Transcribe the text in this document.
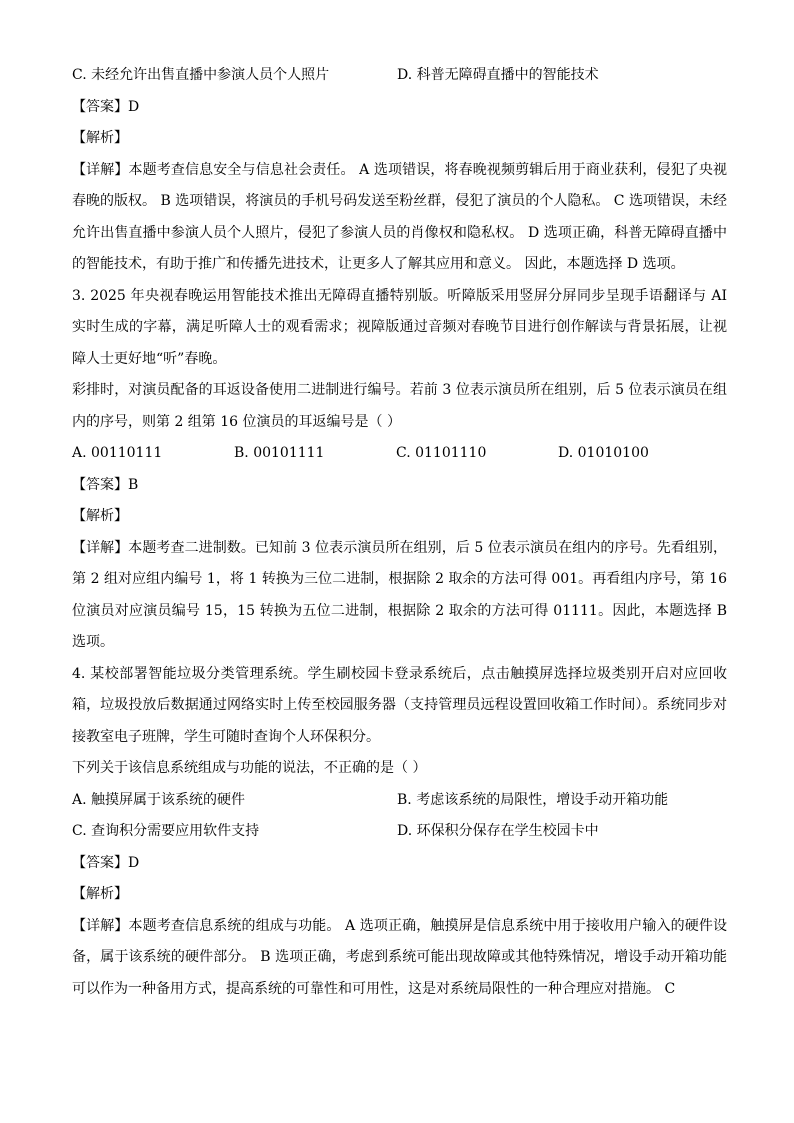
C. 未经允许出售直播中参演人员个人照片	D. 科普无障碍直播中的智能技术
【答案】D
【解析】
【详解】本题考查信息安全与信息社会责任。 A 选项错误，将春晚视频剪辑后用于商业获利，侵犯了央视春晚的版权。 B 选项错误，将演员的手机号码发送至粉丝群，侵犯了演员的个人隐私。 C 选项错误，未经允许出售直播中参演人员个人照片，侵犯了参演人员的肖像权和隐私权。 D 选项正确，科普无障碍直播中的智能技术，有助于推广和传播先进技术，让更多人了解其应用和意义。 因此，本题选择 D 选项。
3. 2025 年央视春晚运用智能技术推出无障碍直播特别版。听障版采用竖屏分屏同步呈现手语翻译与 AI 实时生成的字幕，满足听障人士的观看需求；视障版通过音频对春晚节目进行创作解读与背景拓展，让视障人士更好地“听”春晚。
彩排时，对演员配备的耳返设备使用二进制进行编号。若前 3 位表示演员所在组别，后 5 位表示演员在组内的序号，则第 2 组第 16 位演员的耳返编号是（ ）
A. 00110111	B. 00101111	C. 01101110	D. 01010100
【答案】B
【解析】
【详解】本题考查二进制数。已知前 3 位表示演员所在组别，后 5 位表示演员在组内的序号。先看组别，第 2 组对应组内编号 1，将 1 转换为三位二进制，根据除 2 取余的方法可得 001。再看组内序号，第 16 位演员对应演员编号 15，15 转换为五位二进制，根据除 2 取余的方法可得 01111。因此，本题选择 B 选项。
4. 某校部署智能垃圾分类管理系统。学生刷校园卡登录系统后，点击触摸屏选择垃圾类别开启对应回收箱，垃圾投放后数据通过网络实时上传至校园服务器（支持管理员远程设置回收箱工作时间）。系统同步对接教室电子班牌，学生可随时查询个人环保积分。
下列关于该信息系统组成与功能的说法，不正确的是（ ）
A. 触摸屏属于该系统的硬件	B. 考虑该系统的局限性，增设手动开箱功能
C. 查询积分需要应用软件支持	D. 环保积分保存在学生校园卡中
【答案】D
【解析】
【详解】本题考查信息系统的组成与功能。 A 选项正确，触摸屏是信息系统中用于接收用户输入的硬件设备，属于该系统的硬件部分。 B 选项正确，考虑到系统可能出现故障或其他特殊情况，增设手动开箱功能可以作为一种备用方式，提高系统的可靠性和可用性，这是对系统局限性的一种合理应对措施。 C
